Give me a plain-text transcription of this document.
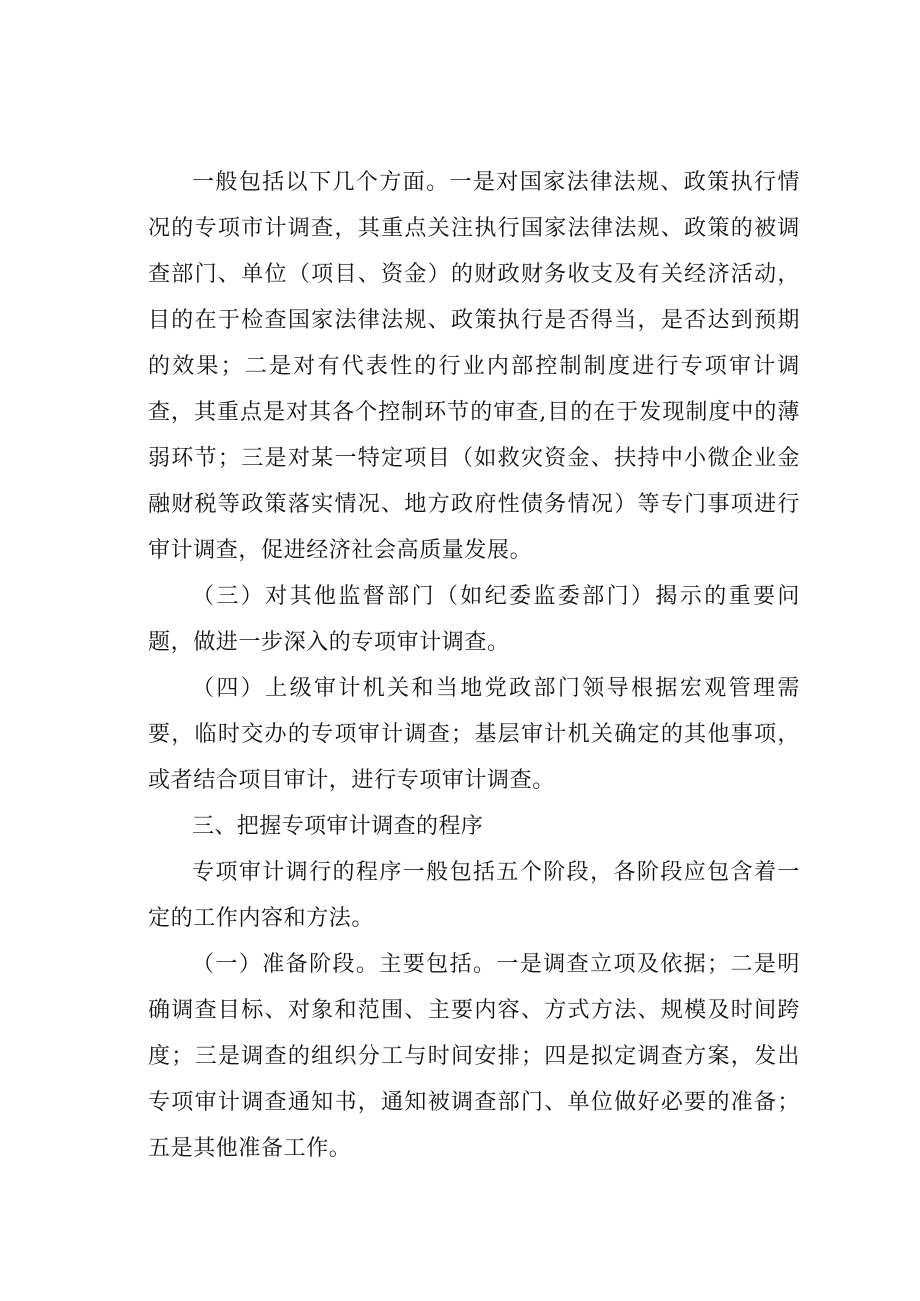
一般包括以下几个方面。一是对国家法律法规、政策执行情况的专项市计调查，其重点关注执行国家法律法规、政策的被调查部门、单位（项目、资金）的财政财务收支及有关经济活动，目的在于检查国家法律法规、政策执行是否得当，是否达到预期的效果；二是对有代表性的行业内部控制制度进行专项审计调查，其重点是对其各个控制环节的审查,目的在于发现制度中的薄弱环节；三是对某一特定项目（如救灾资金、扶持中小微企业金融财税等政策落实情况、地方政府性债务情况）等专门事项进行审计调查，促进经济社会高质量发展。

（三）对其他监督部门（如纪委监委部门）揭示的重要问题，做进一步深入的专项审计调查。

（四）上级审计机关和当地党政部门领导根据宏观管理需要，临时交办的专项审计调查；基层审计机关确定的其他事项，或者结合项目审计，进行专项审计调查。

三、把握专项审计调查的程序

专项审计调行的程序一般包括五个阶段，各阶段应包含着一定的工作内容和方法。

（一）准备阶段。主要包括。一是调查立项及依据；二是明确调查目标、对象和范围、主要内容、方式方法、规模及时间跨度；三是调查的组织分工与时间安排；四是拟定调查方案，发出专项审计调查通知书，通知被调查部门、单位做好必要的准备；五是其他准备工作。
